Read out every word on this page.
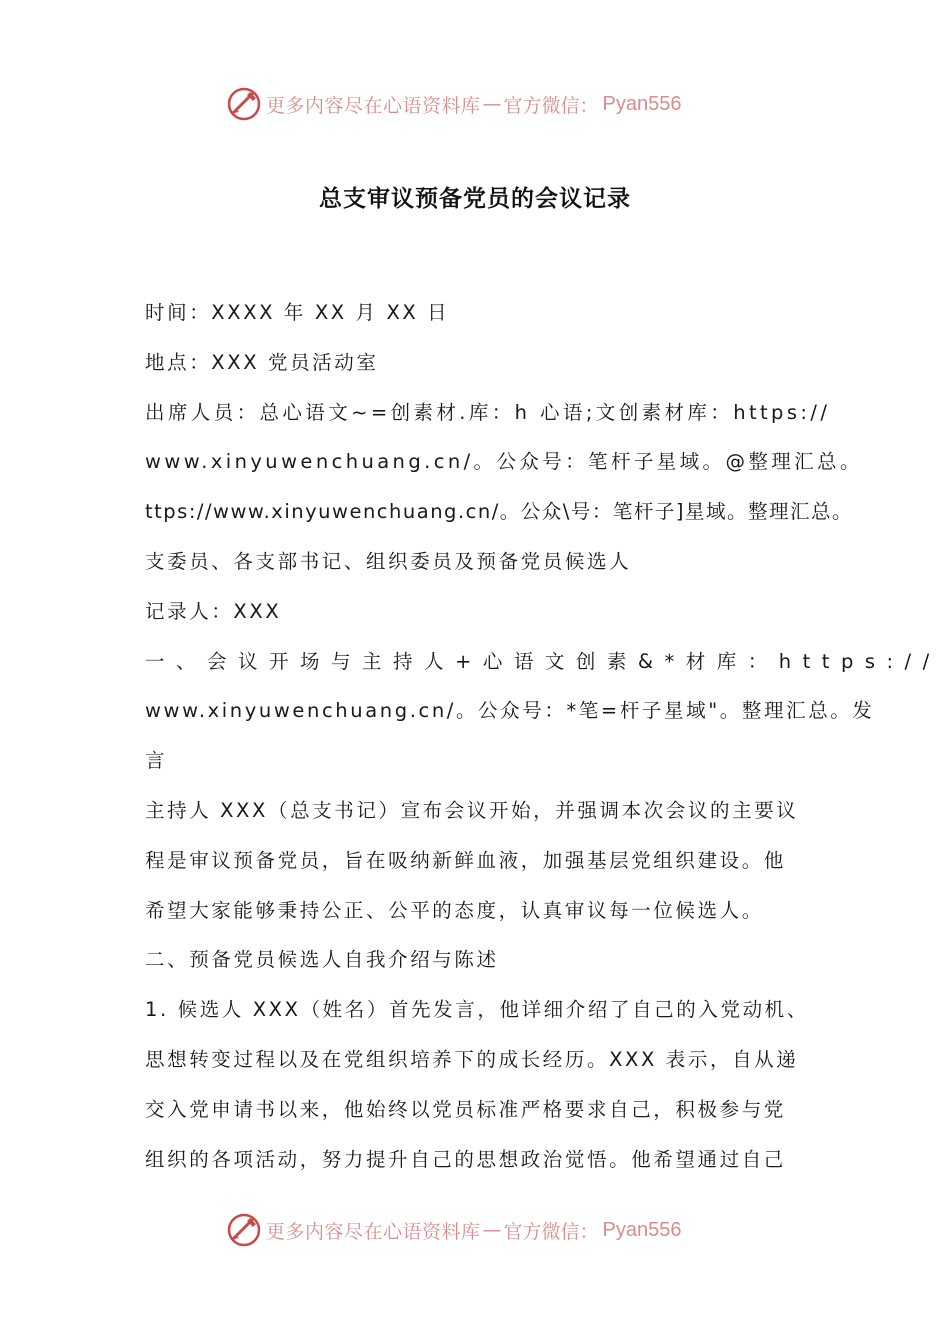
更多内容尽在心语资料库 — 官方微信： Pyan556
总支审议预备党员的会议记录
时间：XXXX 年 XX 月 XX 日
地点：XXX 党员活动室
出席人员：总心语文~=创素材.库：h 心语;文创素材库：https://
www.xinyuwenchuang.cn/。公众号：笔杆子星域。@整理汇总。
ttps://www.xinyuwenchuang.cn/。公众\号：笔杆子]星域。整理汇总。
支委员、各支部书记、组织委员及预备党员候选人
记录人：XXX
一、会议开场与主持人+心语文创素&*材库：https://
www.xinyuwenchuang.cn/。公众号：*笔=杆子星域"。整理汇总。发
言
主持人 XXX（总支书记）宣布会议开始，并强调本次会议的主要议
程是审议预备党员，旨在吸纳新鲜血液，加强基层党组织建设。他
希望大家能够秉持公正、公平的态度，认真审议每一位候选人。
二、预备党员候选人自我介绍与陈述
1. 候选人 XXX（姓名）首先发言，他详细介绍了自己的入党动机、
思想转变过程以及在党组织培养下的成长经历。XXX 表示，自从递
交入党申请书以来，他始终以党员标准严格要求自己，积极参与党
组织的各项活动，努力提升自己的思想政治觉悟。他希望通过自己
更多内容尽在心语资料库 — 官方微信： Pyan556
